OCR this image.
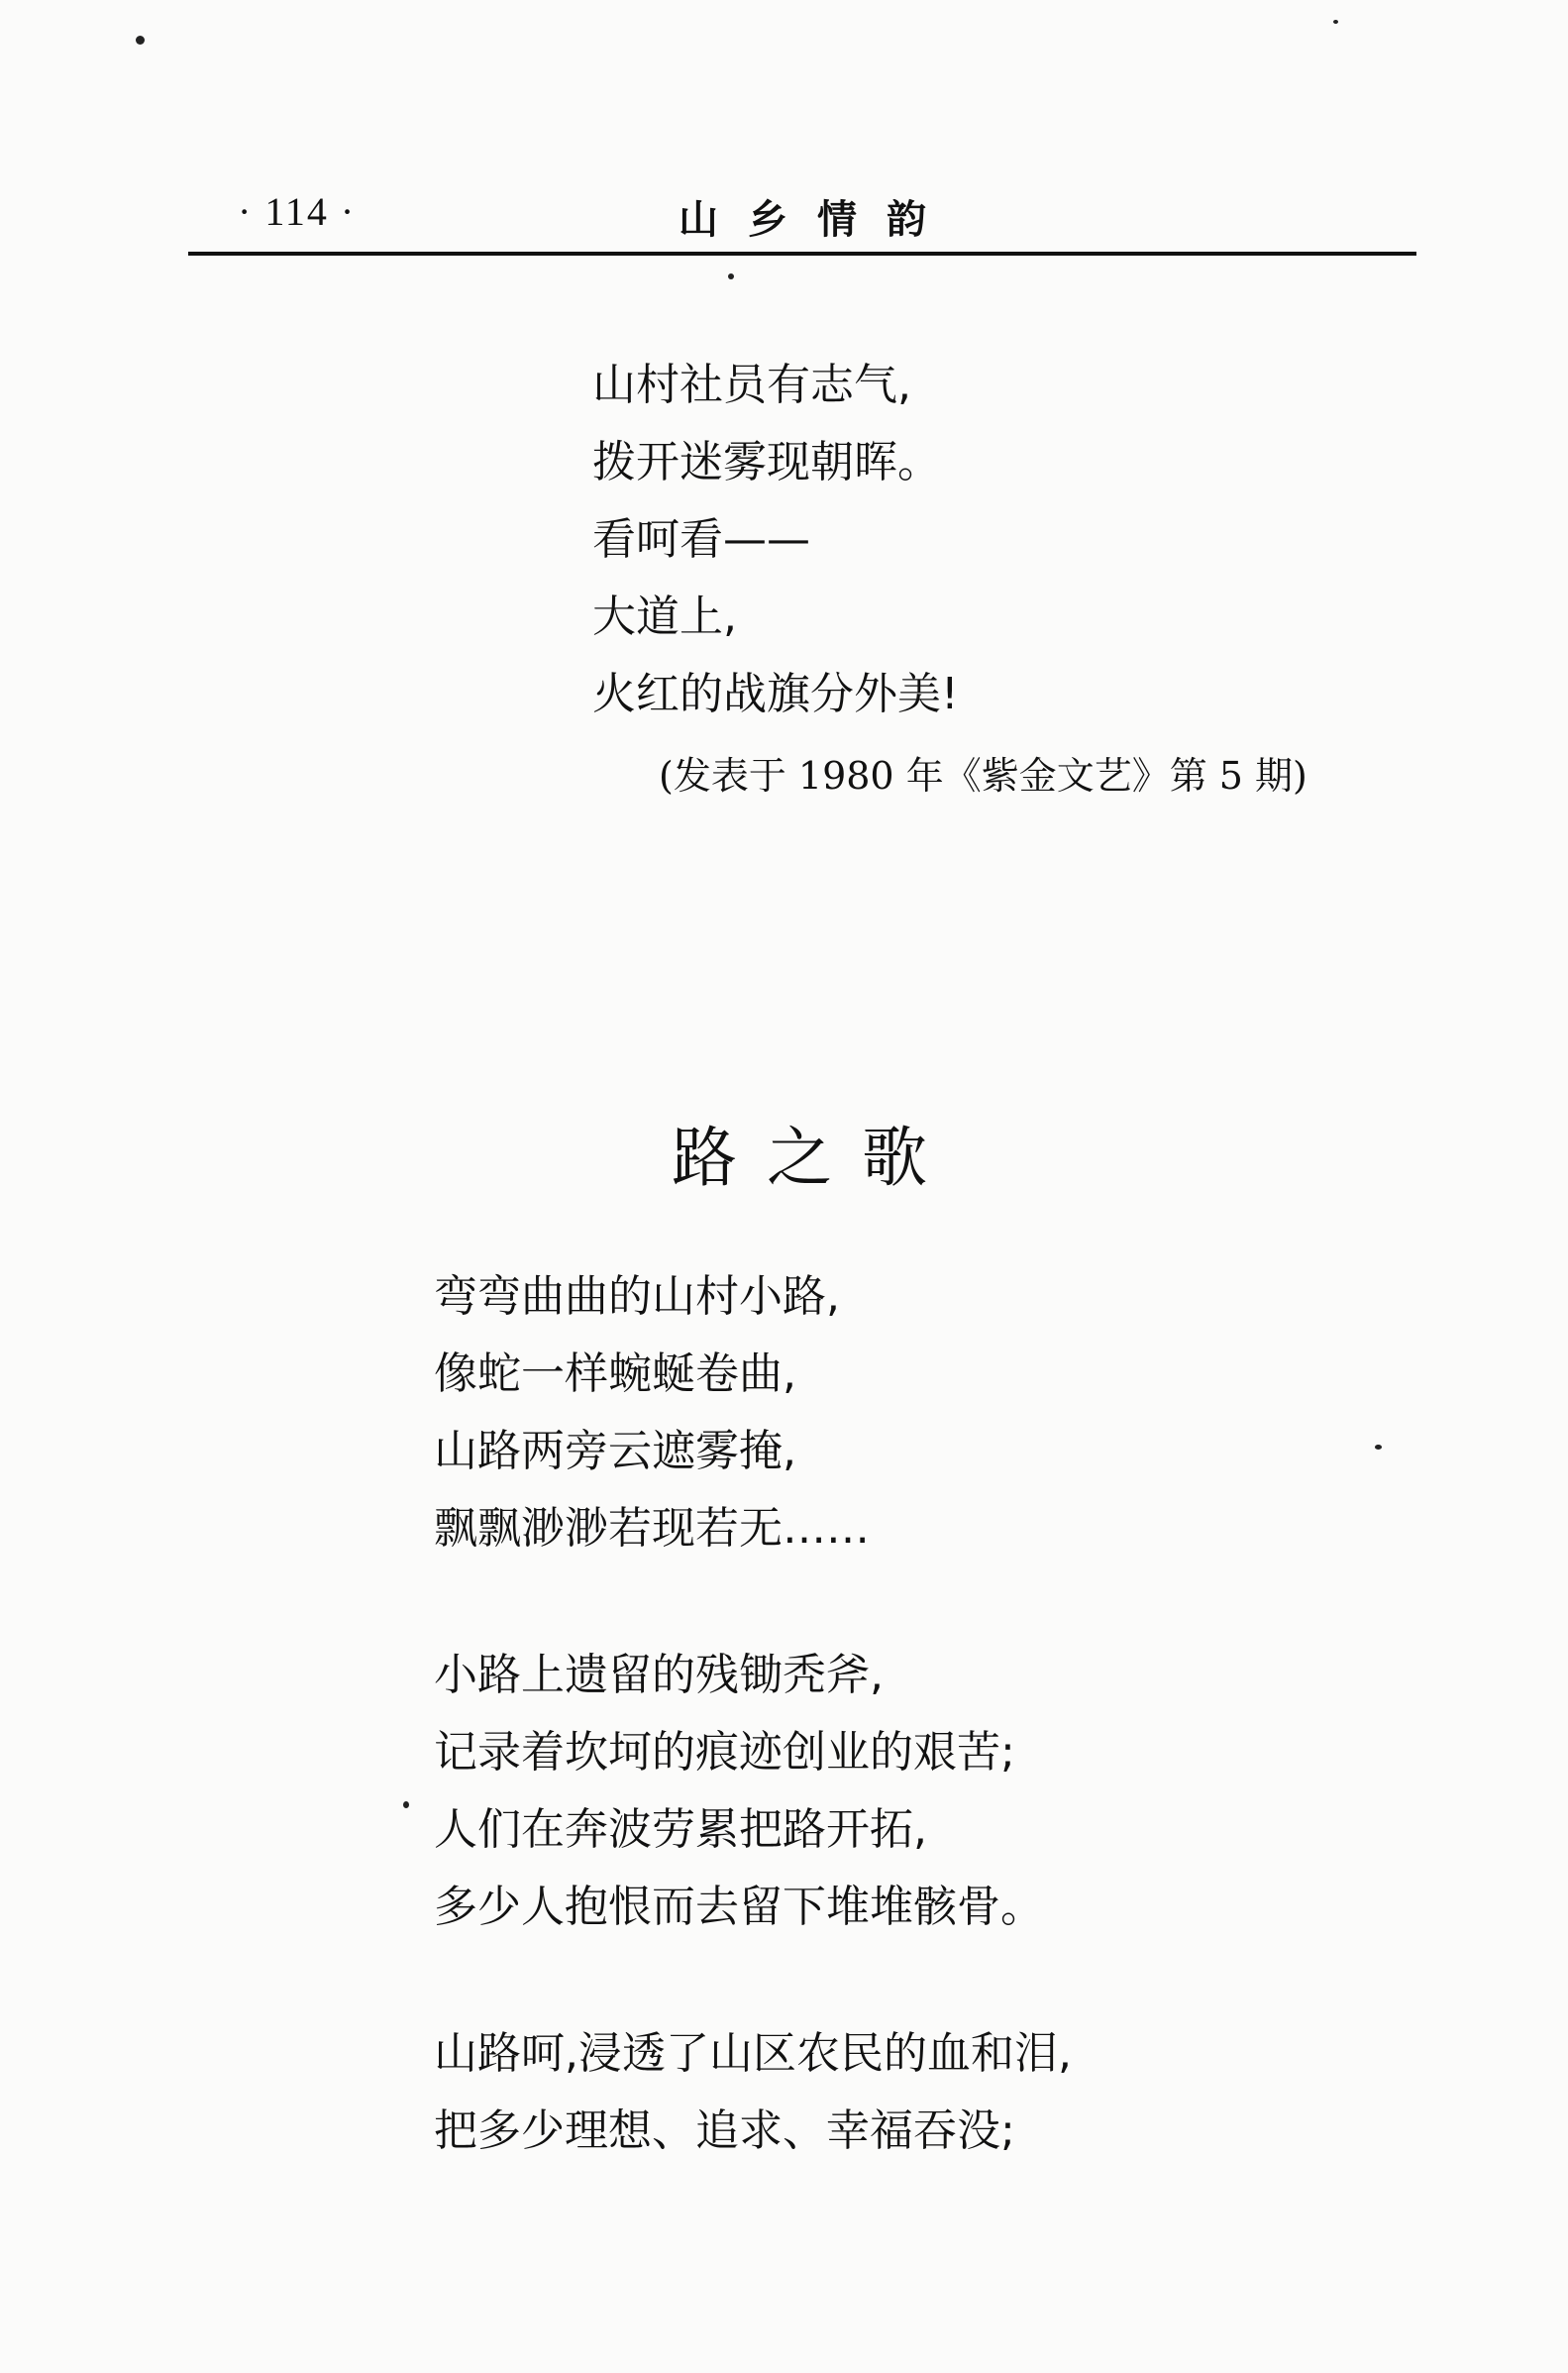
· 114 ·	山乡情韵
山村社员有志气,
拨开迷雾现朝晖。
看呵看——
大道上,
火红的战旗分外美!
(发表于 1980 年《紫金文艺》第 5 期)
路之歌
弯弯曲曲的山村小路,
像蛇一样蜿蜒卷曲,
山路两旁云遮雾掩,
飘飘渺渺若现若无……
小路上遗留的残锄秃斧,
记录着坎坷的痕迹创业的艰苦;
人们在奔波劳累把路开拓,
多少人抱恨而去留下堆堆骸骨。
山路呵,浸透了山区农民的血和泪,
把多少理想、追求、幸福吞没;
